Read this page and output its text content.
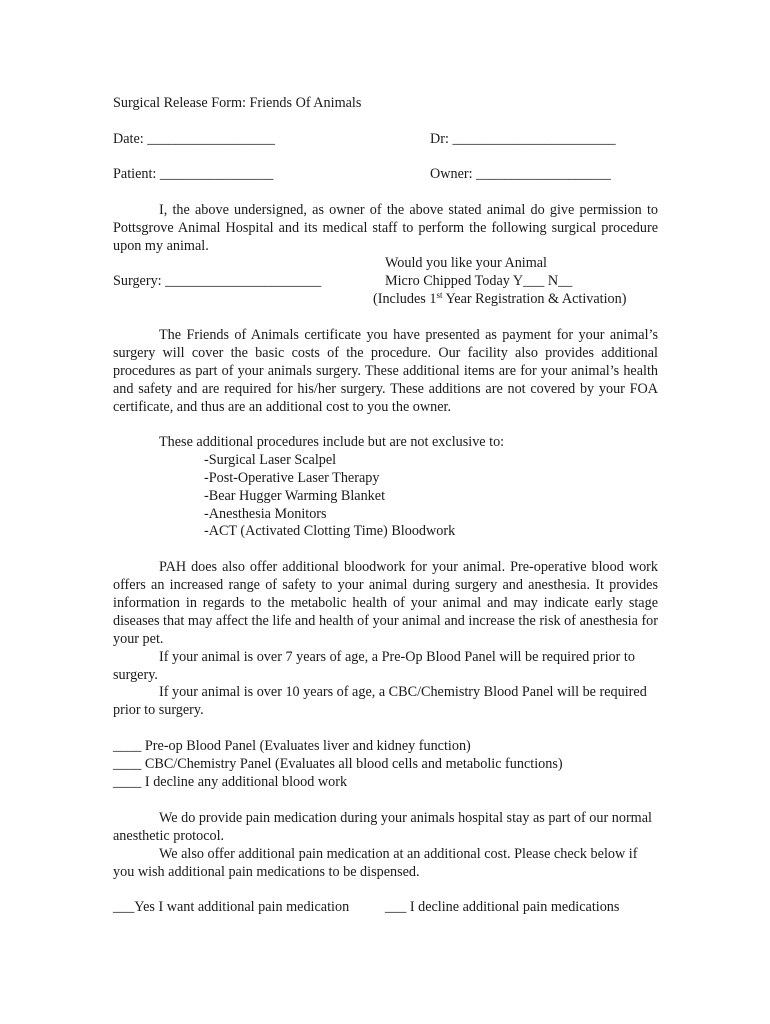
Surgical Release Form: Friends Of Animals
Date: __________________	Dr: _______________________
Patient: ________________	Owner: ___________________
I, the above undersigned, as owner of the above stated animal do give permission to Pottsgrove Animal Hospital and its medical staff to perform the following surgical procedure upon my animal.
Would you like your Animal
Surgery: ______________________	Micro Chipped Today Y___ N__
(Includes 1st Year Registration & Activation)
The Friends of Animals certificate you have presented as payment for your animal’s surgery will cover the basic costs of the procedure. Our facility also provides additional procedures as part of your animals surgery. These additional items are for your animal’s health and safety and are required for his/her surgery. These additions are not covered by your FOA certificate, and thus are an additional cost to you the owner.
These additional procedures include but are not exclusive to:
-Surgical Laser Scalpel
-Post-Operative Laser Therapy
-Bear Hugger Warming Blanket
-Anesthesia Monitors
-ACT (Activated Clotting Time) Bloodwork
PAH does also offer additional bloodwork for your animal. Pre-operative blood work offers an increased range of safety to your animal during surgery and anesthesia. It provides information in regards to the metabolic health of your animal and may indicate early stage diseases that may affect the life and health of your animal and increase the risk of anesthesia for your pet.
If your animal is over 7 years of age, a Pre-Op Blood Panel will be required prior to surgery.
If your animal is over 10 years of age, a CBC/Chemistry Blood Panel will be required prior to surgery.
____ Pre-op Blood Panel (Evaluates liver and kidney function)
____ CBC/Chemistry Panel (Evaluates all blood cells and metabolic functions)
____ I decline any additional blood work
We do provide pain medication during your animals hospital stay as part of our normal anesthetic protocol.
We also offer additional pain medication at an additional cost. Please check below if you wish additional pain medications to be dispensed.
___Yes I want additional pain medication	___ I decline additional pain medications
